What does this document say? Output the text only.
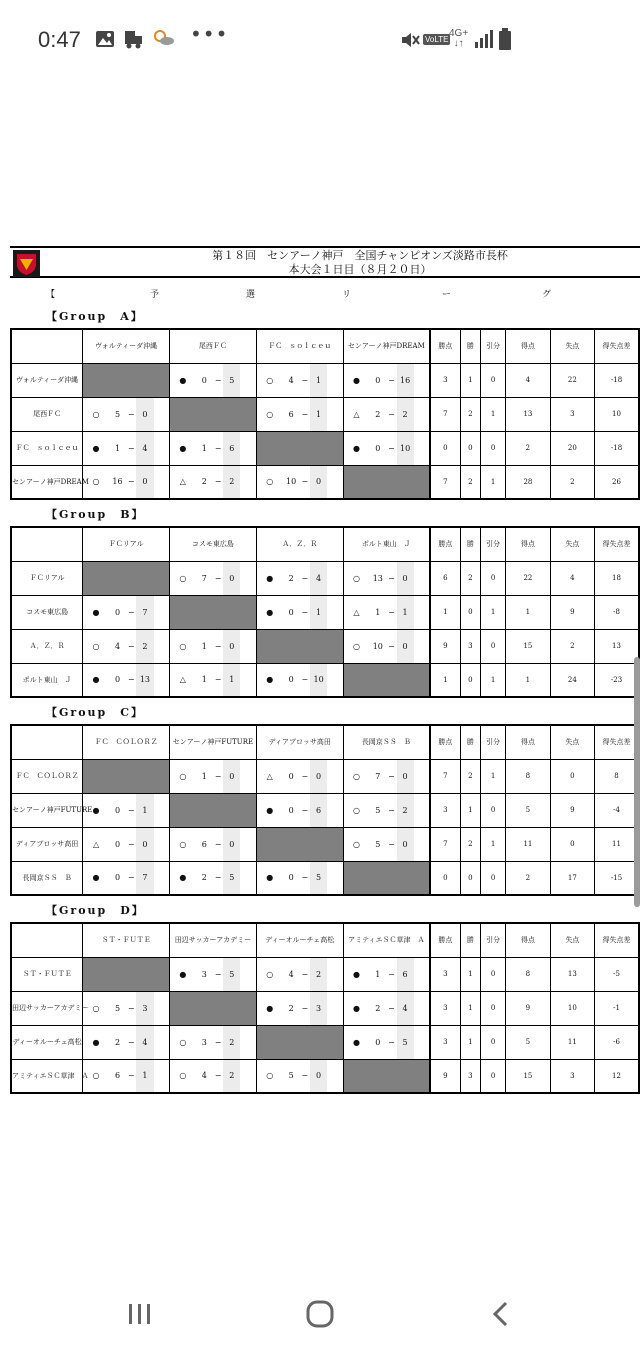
0:47	•••	VoLTE
4G+
↓↑
第１８回　センアーノ神戸　全国チャンピオンズ淡路市長杯
本大会１日目（８月２０日）
【	予	選	リ	ー	グ
【Group　A】
	ヴォルティーダ沖縄	尾西ＦＣ	ＦＣ　ｓｏｌｃｅｕ	センアーノ神戸DREAM	勝点	勝	引分	得点	失点	得失点差
ヴォルティーダ沖縄		● 0 − 5	○ 4 − 1	● 0 − 16	3	1	0	4	22	-18
尾西ＦＣ	○ 5 − 0		○ 6 − 1	△ 2 − 2	7	2	1	13	3	10
ＦＣ　ｓｏｌｃｅｕ	● 1 − 4	● 1 − 6		● 0 − 10	0	0	0	2	20	-18
センアーノ神戸DREAM	○ 16 − 0	△ 2 − 2	○ 10 − 0		7	2	1	28	2	26
【Group　B】
	ＦＣリアル	コスモ東広島	Ａ．Ｚ．Ｒ	ポルト東山　Ｊ	勝点	勝	引分	得点	失点	得失点差
ＦＣリアル		○ 7 − 0	● 2 − 4	○ 13 − 0	6	2	0	22	4	18
コスモ東広島	● 0 − 7		● 0 − 1	△ 1 − 1	1	0	1	1	9	-8
Ａ．Ｚ．Ｒ	○ 4 − 2	○ 1 − 0		○ 10 − 0	9	3	0	15	2	13
ポルト東山　Ｊ	● 0 − 13	△ 1 − 1	● 0 − 10		1	0	1	1	24	-23
【Group　C】
	ＦＣ　ＣＯＬＯＲＺ	センアーノ神戸FUTURE	ディアブロッサ高田	長岡京ＳＳ　Ｂ	勝点	勝	引分	得点	失点	得失点差
ＦＣ　ＣＯＬＯＲＺ		○ 1 − 0	△ 0 − 0	○ 7 − 0	7	2	1	8	0	8
センアーノ神戸FUTURE	● 0 − 1		● 0 − 6	○ 5 − 2	3	1	0	5	9	-4
ディアブロッサ高田	△ 0 − 0	○ 6 − 0		○ 5 − 0	7	2	1	11	0	11
長岡京ＳＳ　Ｂ	● 0 − 7	● 2 − 5	● 0 − 5		0	0	0	2	17	-15
【Group　D】
	ＳＴ・ＦＵＴＥ	田辺サッカーアカデミー	ディーオルーチェ高松	アミティエＳＣ草津　Ａ	勝点	勝	引分	得点	失点	得失点差
ＳＴ・ＦＵＴＥ		● 3 − 5	○ 4 − 2	● 1 − 6	3	1	0	8	13	-5
田辺サッカーアカデミー	○ 5 − 3		● 2 − 3	● 2 − 4	3	1	0	9	10	-1
ディーオルーチェ高松	● 2 − 4	○ 3 − 2		● 0 − 5	3	1	0	5	11	-6
アミティエＳＣ草津　Ａ	○ 6 − 1	○ 4 − 2	○ 5 − 0		9	3	0	15	3	12
